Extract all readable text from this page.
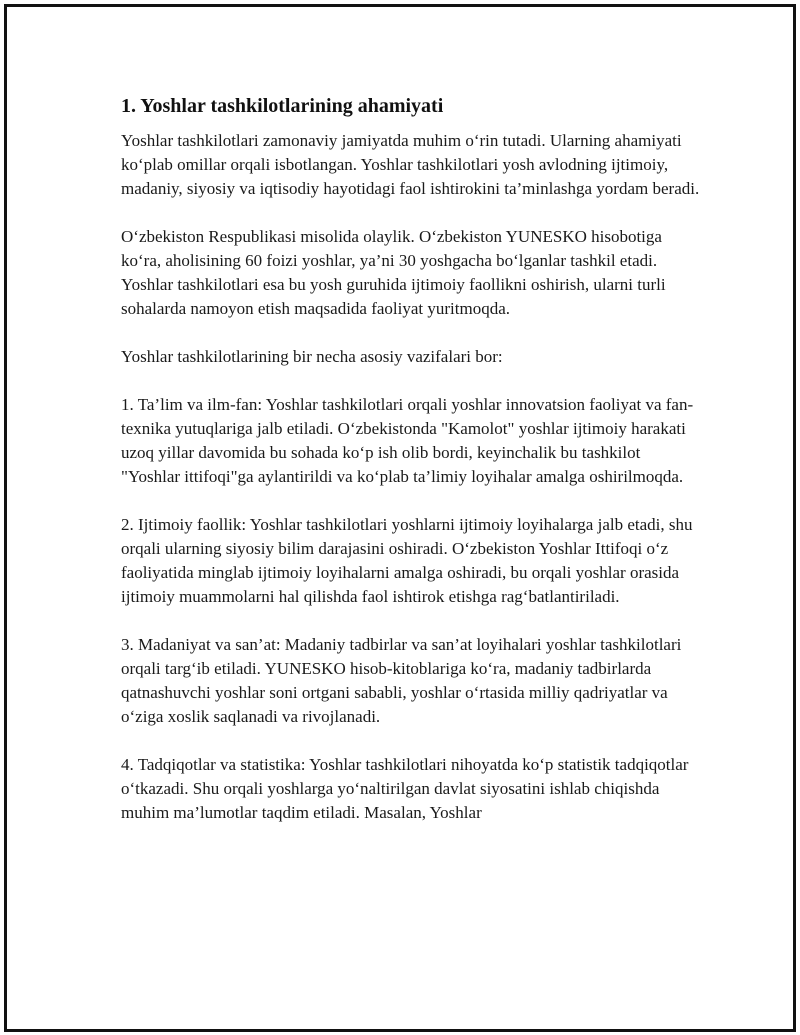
1. Yoshlar tashkilotlarining ahamiyati

Yoshlar tashkilotlari zamonaviy jamiyatda muhim o‘rin tutadi. Ularning ahamiyati ko‘plab omillar orqali isbotlangan. Yoshlar tashkilotlari yosh avlodning ijtimoiy, madaniy, siyosiy va iqtisodiy hayotidagi faol ishtirokini ta’minlashga yordam beradi.

O‘zbekiston Respublikasi misolida olaylik. O‘zbekiston YUNESKO hisobotiga ko‘ra, aholisining 60 foizi yoshlar, ya’ni 30 yoshgacha bo‘lganlar tashkil etadi. Yoshlar tashkilotlari esa bu yosh guruhida ijtimoiy faollikni oshirish, ularni turli sohalarda namoyon etish maqsadida faoliyat yuritmoqda.

Yoshlar tashkilotlarining bir necha asosiy vazifalari bor:

1. Ta’lim va ilm-fan: Yoshlar tashkilotlari orqali yoshlar innovatsion faoliyat va fan-texnika yutuqlariga jalb etiladi. O‘zbekistonda "Kamolot" yoshlar ijtimoiy harakati uzoq yillar davomida bu sohada ko‘p ish olib bordi, keyinchalik bu tashkilot "Yoshlar ittifoqi"ga aylantirildi va ko‘plab ta’limiy loyihalar amalga oshirilmoqda.

2. Ijtimoiy faollik: Yoshlar tashkilotlari yoshlarni ijtimoiy loyihalarga jalb etadi, shu orqali ularning siyosiy bilim darajasini oshiradi. O‘zbekiston Yoshlar Ittifoqi o‘z faoliyatida minglab ijtimoiy loyihalarni amalga oshiradi, bu orqali yoshlar orasida ijtimoiy muammolarni hal qilishda faol ishtirok etishga rag‘batlantiriladi.

3. Madaniyat va san’at: Madaniy tadbirlar va san’at loyihalari yoshlar tashkilotlari orqali targ‘ib etiladi. YUNESKO hisob-kitoblariga ko‘ra, madaniy tadbirlarda qatnashuvchi yoshlar soni ortgani sababli, yoshlar o‘rtasida milliy qadriyatlar va o‘ziga xoslik saqlanadi va rivojlanadi.

4. Tadqiqotlar va statistika: Yoshlar tashkilotlari nihoyatda ko‘p statistik tadqiqotlar o‘tkazadi. Shu orqali yoshlarga yo‘naltirilgan davlat siyosatini ishlab chiqishda muhim ma’lumotlar taqdim etiladi. Masalan, Yoshlar
